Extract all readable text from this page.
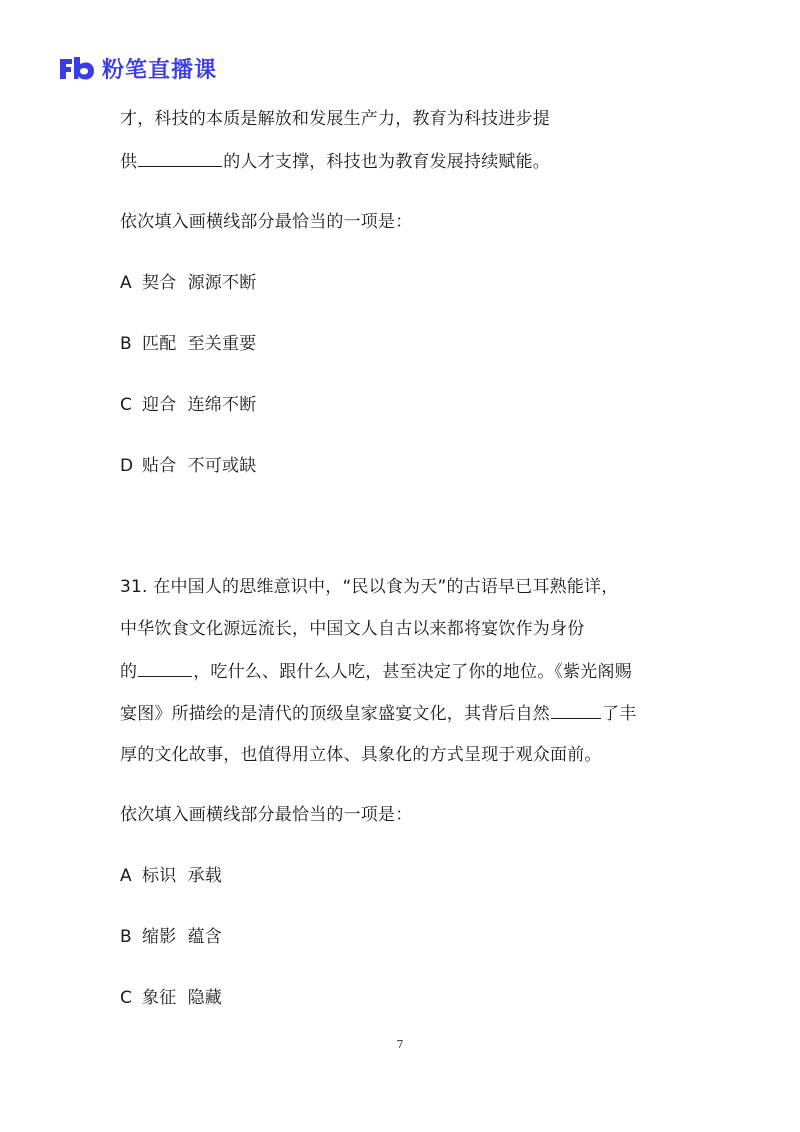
粉笔直播课
才，科技的本质是解放和发展生产力，教育为科技进步提
供	的人才支撑，科技也为教育发展持续赋能。
依次填入画横线部分最恰当的一项是：
A 契合  源源不断
B 匹配  至关重要
C 迎合  连绵不断
D 贴合  不可或缺
31. 在中国人的思维意识中，“民以食为天”的古语早已耳熟能详，
中华饮食文化源远流长，中国文人自古以来都将宴饮作为身份
的	，吃什么、跟什么人吃，甚至决定了你的地位。《紫光阁赐
宴图》所描绘的是清代的顶级皇家盛宴文化，其背后自然	了丰
厚的文化故事，也值得用立体、具象化的方式呈现于观众面前。
依次填入画横线部分最恰当的一项是：
A 标识  承载
B 缩影  蕴含
C 象征  隐藏
7
